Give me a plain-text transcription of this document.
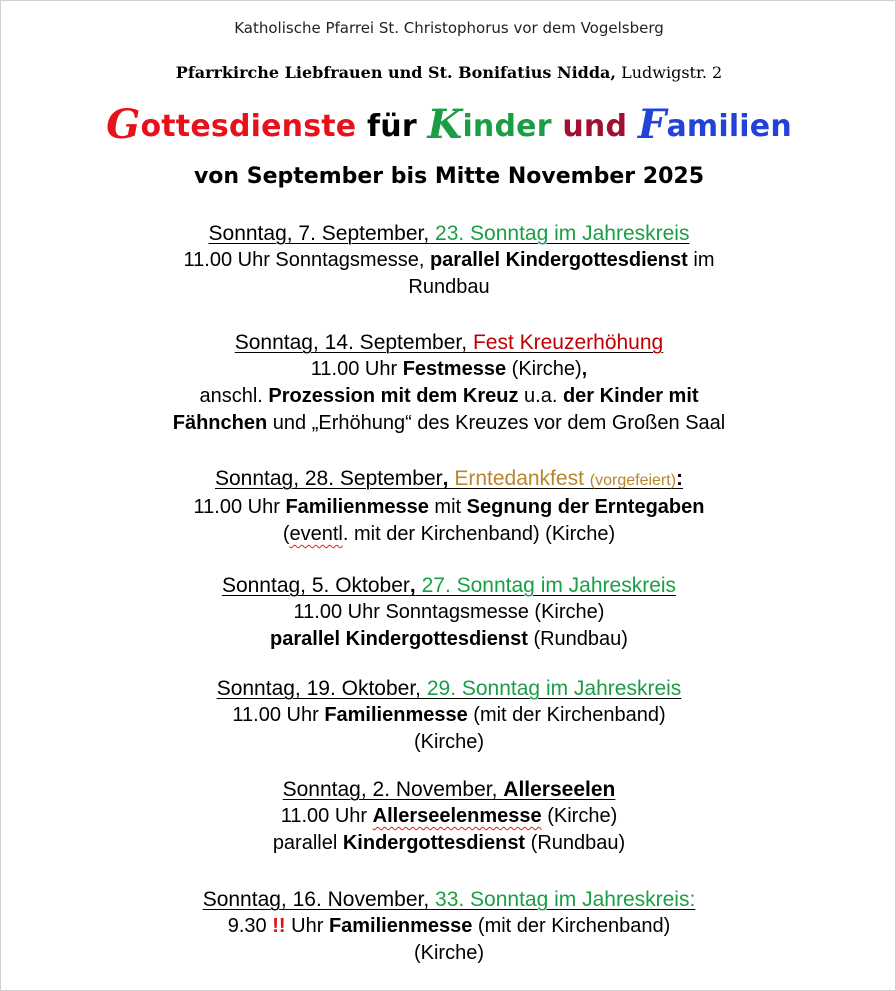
Katholische Pfarrei St. Christophorus vor dem Vogelsberg
Pfarrkirche Liebfrauen und St. Bonifatius Nidda, Ludwigstr. 2
Gottesdienste für Kinder und Familien
von September bis Mitte November 2025
Sonntag, 7. September, 23. Sonntag im Jahreskreis
11.00 Uhr Sonntagsmesse, parallel Kindergottesdienst im
Rundbau
Sonntag, 14. September, Fest Kreuzerhöhung
11.00 Uhr Festmesse (Kirche),
anschl. Prozession mit dem Kreuz u.a. der Kinder mit
Fähnchen und „Erhöhung“ des Kreuzes vor dem Großen Saal
Sonntag, 28. September, Erntedankfest (vorgefeiert):
11.00 Uhr Familienmesse mit Segnung der Erntegaben
(eventl. mit der Kirchenband) (Kirche)
Sonntag, 5. Oktober, 27. Sonntag im Jahreskreis
11.00 Uhr Sonntagsmesse (Kirche)
parallel Kindergottesdienst (Rundbau)
Sonntag, 19. Oktober, 29. Sonntag im Jahreskreis
11.00 Uhr Familienmesse (mit der Kirchenband)
(Kirche)
Sonntag, 2. November, Allerseelen
11.00 Uhr Allerseelenmesse (Kirche)
parallel Kindergottesdienst (Rundbau)
Sonntag, 16. November, 33. Sonntag im Jahreskreis:
9.30 !! Uhr Familienmesse (mit der Kirchenband)
(Kirche)
